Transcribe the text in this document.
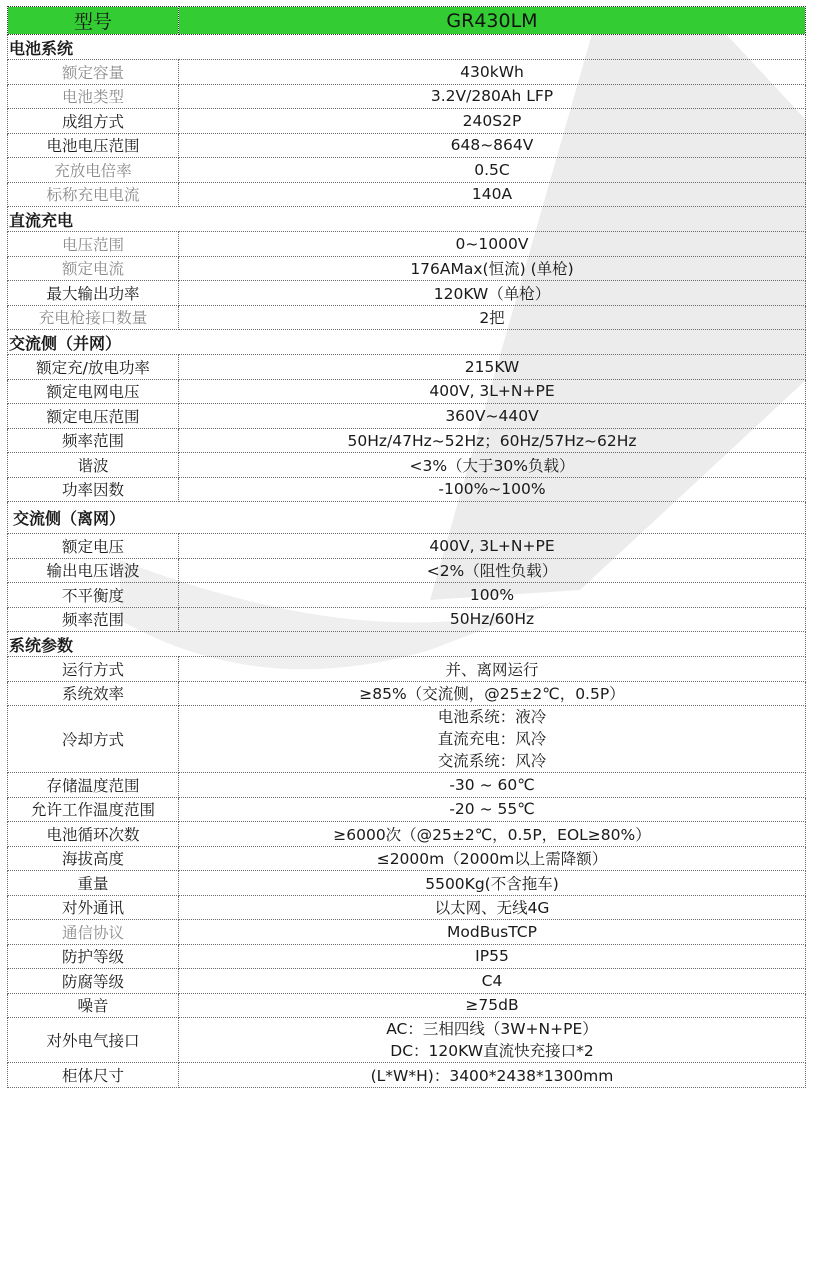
型号	GR430LM
电池系统	
额定容量	430kWh
电池类型	3.2V/280Ah LFP
成组方式	240S2P
电池电压范围	648~864V
充放电倍率	0.5C
标称充电电流	140A
直流充电	
电压范围	0~1000V
额定电流	176AMax(恒流) (单枪)
最大输出功率	120KW（单枪）
充电枪接口数量	2把
交流侧（并网）	
额定充/放电功率	215KW
额定电网电压	400V, 3L+N+PE
额定电压范围	360V~440V
频率范围	50Hz/47Hz~52Hz；60Hz/57Hz~62Hz
谐波	<3%（大于30%负载）
功率因数	-100%~100%
交流侧（离网）	
额定电压	400V, 3L+N+PE
输出电压谐波	<2%（阻性负载）
不平衡度	100%
频率范围	50Hz/60Hz
系统参数	
运行方式	并、离网运行
系统效率	≥85%（交流侧，@25±2℃，0.5P）
冷却方式	电池系统：液冷
直流充电：风冷
交流系统：风冷

存储温度范围	-30 ~ 60℃
允许工作温度范围	-20 ~ 55℃
电池循环次数	≥6000次（@25±2℃，0.5P，EOL≥80%）
海拔高度	≤2000m（2000m以上需降额）
重量	5500Kg(不含拖车)
对外通讯	以太网、无线4G
通信协议	ModBusTCP
防护等级	IP55
防腐等级	C4
噪音	≥75dB
对外电气接口	AC：三相四线（3W+N+PE）
DC：120KW直流快充接口*2

柜体尺寸	(L*W*H)：3400*2438*1300mm
